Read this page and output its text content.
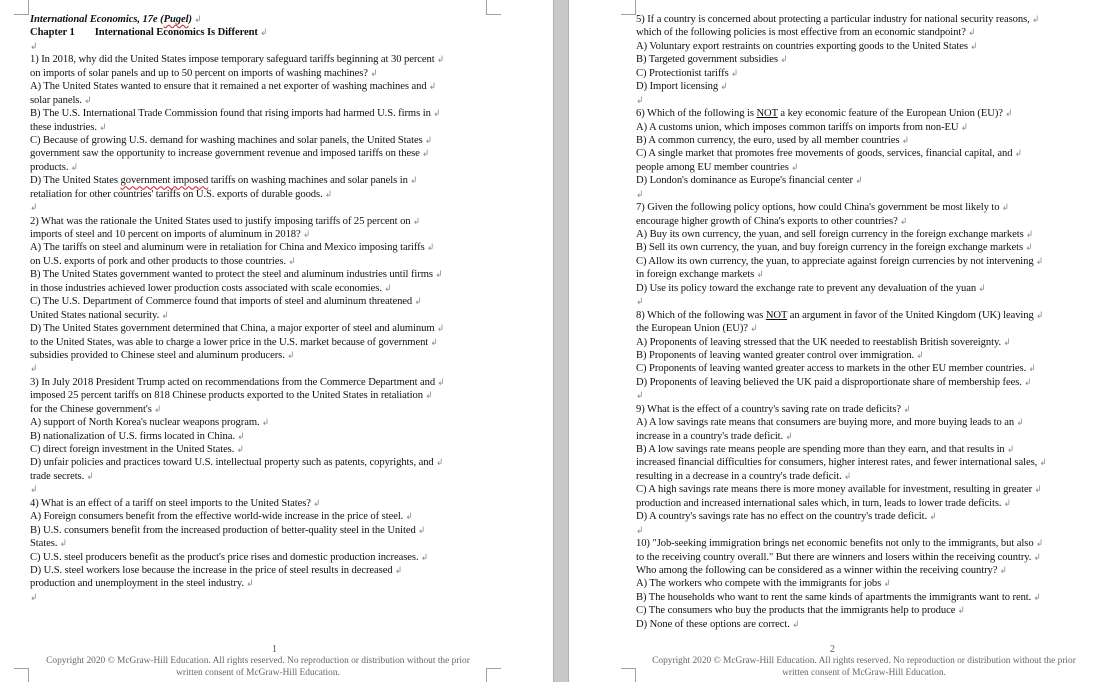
International Economics, 17e (Pugel) ↲
Chapter 1 International Economics Is Different ↲
↲
1) In 2018, why did the United States impose temporary safeguard tariffs beginning at 30 percent ↲
on imports of solar panels and up to 50 percent on imports of washing machines? ↲
A) The United States wanted to ensure that it remained a net exporter of washing machines and ↲
solar panels. ↲
B) The U.S. International Trade Commission found that rising imports had harmed U.S. firms in ↲
these industries. ↲
C) Because of growing U.S. demand for washing machines and solar panels, the United States ↲
government saw the opportunity to increase government revenue and imposed tariffs on these ↲
products. ↲
D) The United States government imposed tariffs on washing machines and solar panels in ↲
retaliation for other countries' tariffs on U.S. exports of durable goods. ↲
↲
2) What was the rationale the United States used to justify imposing tariffs of 25 percent on ↲
imports of steel and 10 percent on imports of aluminum in 2018? ↲
A) The tariffs on steel and aluminum were in retaliation for China and Mexico imposing tariffs ↲
on U.S. exports of pork and other products to those countries. ↲
B) The United States government wanted to protect the steel and aluminum industries until firms ↲
in those industries achieved lower production costs associated with scale economies. ↲
C) The U.S. Department of Commerce found that imports of steel and aluminum threatened ↲
United States national security. ↲
D) The United States government determined that China, a major exporter of steel and aluminum ↲
to the United States, was able to charge a lower price in the U.S. market because of government ↲
subsidies provided to Chinese steel and aluminum producers. ↲
↲
3) In July 2018 President Trump acted on recommendations from the Commerce Department and ↲
imposed 25 percent tariffs on 818 Chinese products exported to the United States in retaliation ↲
for the Chinese government's ↲
A) support of North Korea's nuclear weapons program. ↲
B) nationalization of U.S. firms located in China. ↲
C) direct foreign investment in the United States. ↲
D) unfair policies and practices toward U.S. intellectual property such as patents, copyrights, and ↲
trade secrets. ↲
↲
4) What is an effect of a tariff on steel imports to the United States? ↲
A) Foreign consumers benefit from the effective world-wide increase in the price of steel. ↲
B) U.S. consumers benefit from the increased production of better-quality steel in the United ↲
States. ↲
C) U.S. steel producers benefit as the product's price rises and domestic production increases. ↲
D) U.S. steel workers lose because the increase in the price of steel results in decreased ↲
production and unemployment in the steel industry. ↲
↲
1
Copyright 2020 © McGraw-Hill Education. All rights reserved. No reproduction or distribution without the prior
written consent of McGraw-Hill Education.
5) If a country is concerned about protecting a particular industry for national security reasons, ↲
which of the following policies is most effective from an economic standpoint? ↲
A) Voluntary export restraints on countries exporting goods to the United States ↲
B) Targeted government subsidies ↲
C) Protectionist tariffs ↲
D) Import licensing ↲
↲
6) Which of the following is NOT a key economic feature of the European Union (EU)? ↲
A) A customs union, which imposes common tariffs on imports from non-EU ↲
B) A common currency, the euro, used by all member countries ↲
C) A single market that promotes free movements of goods, services, financial capital, and ↲
people among EU member countries ↲
D) London's dominance as Europe's financial center ↲
↲
7) Given the following policy options, how could China's government be most likely to ↲
encourage higher growth of China's exports to other countries? ↲
A) Buy its own currency, the yuan, and sell foreign currency in the foreign exchange markets ↲
B) Sell its own currency, the yuan, and buy foreign currency in the foreign exchange markets ↲
C) Allow its own currency, the yuan, to appreciate against foreign currencies by not intervening ↲
in foreign exchange markets ↲
D) Use its policy toward the exchange rate to prevent any devaluation of the yuan ↲
↲
8) Which of the following was NOT an argument in favor of the United Kingdom (UK) leaving ↲
the European Union (EU)? ↲
A) Proponents of leaving stressed that the UK needed to reestablish British sovereignty. ↲
B) Proponents of leaving wanted greater control over immigration. ↲
C) Proponents of leaving wanted greater access to markets in the other EU member countries. ↲
D) Proponents of leaving believed the UK paid a disproportionate share of membership fees. ↲
↲
9) What is the effect of a country's saving rate on trade deficits? ↲
A) A low savings rate means that consumers are buying more, and more buying leads to an ↲
increase in a country's trade deficit. ↲
B) A low savings rate means people are spending more than they earn, and that results in ↲
increased financial difficulties for consumers, higher interest rates, and fewer international sales, ↲
resulting in a decrease in a country's trade deficit. ↲
C) A high savings rate means there is more money available for investment, resulting in greater ↲
production and increased international sales which, in turn, leads to lower trade deficits. ↲
D) A country's savings rate has no effect on the country's trade deficit. ↲
↲
10) "Job-seeking immigration brings net economic benefits not only to the immigrants, but also ↲
to the receiving country overall." But there are winners and losers within the receiving country. ↲
Who among the following can be considered as a winner within the receiving country? ↲
A) The workers who compete with the immigrants for jobs ↲
B) The households who want to rent the same kinds of apartments the immigrants want to rent. ↲
C) The consumers who buy the products that the immigrants help to produce ↲
D) None of these options are correct. ↲
2
Copyright 2020 © McGraw-Hill Education. All rights reserved. No reproduction or distribution without the prior
written consent of McGraw-Hill Education.
